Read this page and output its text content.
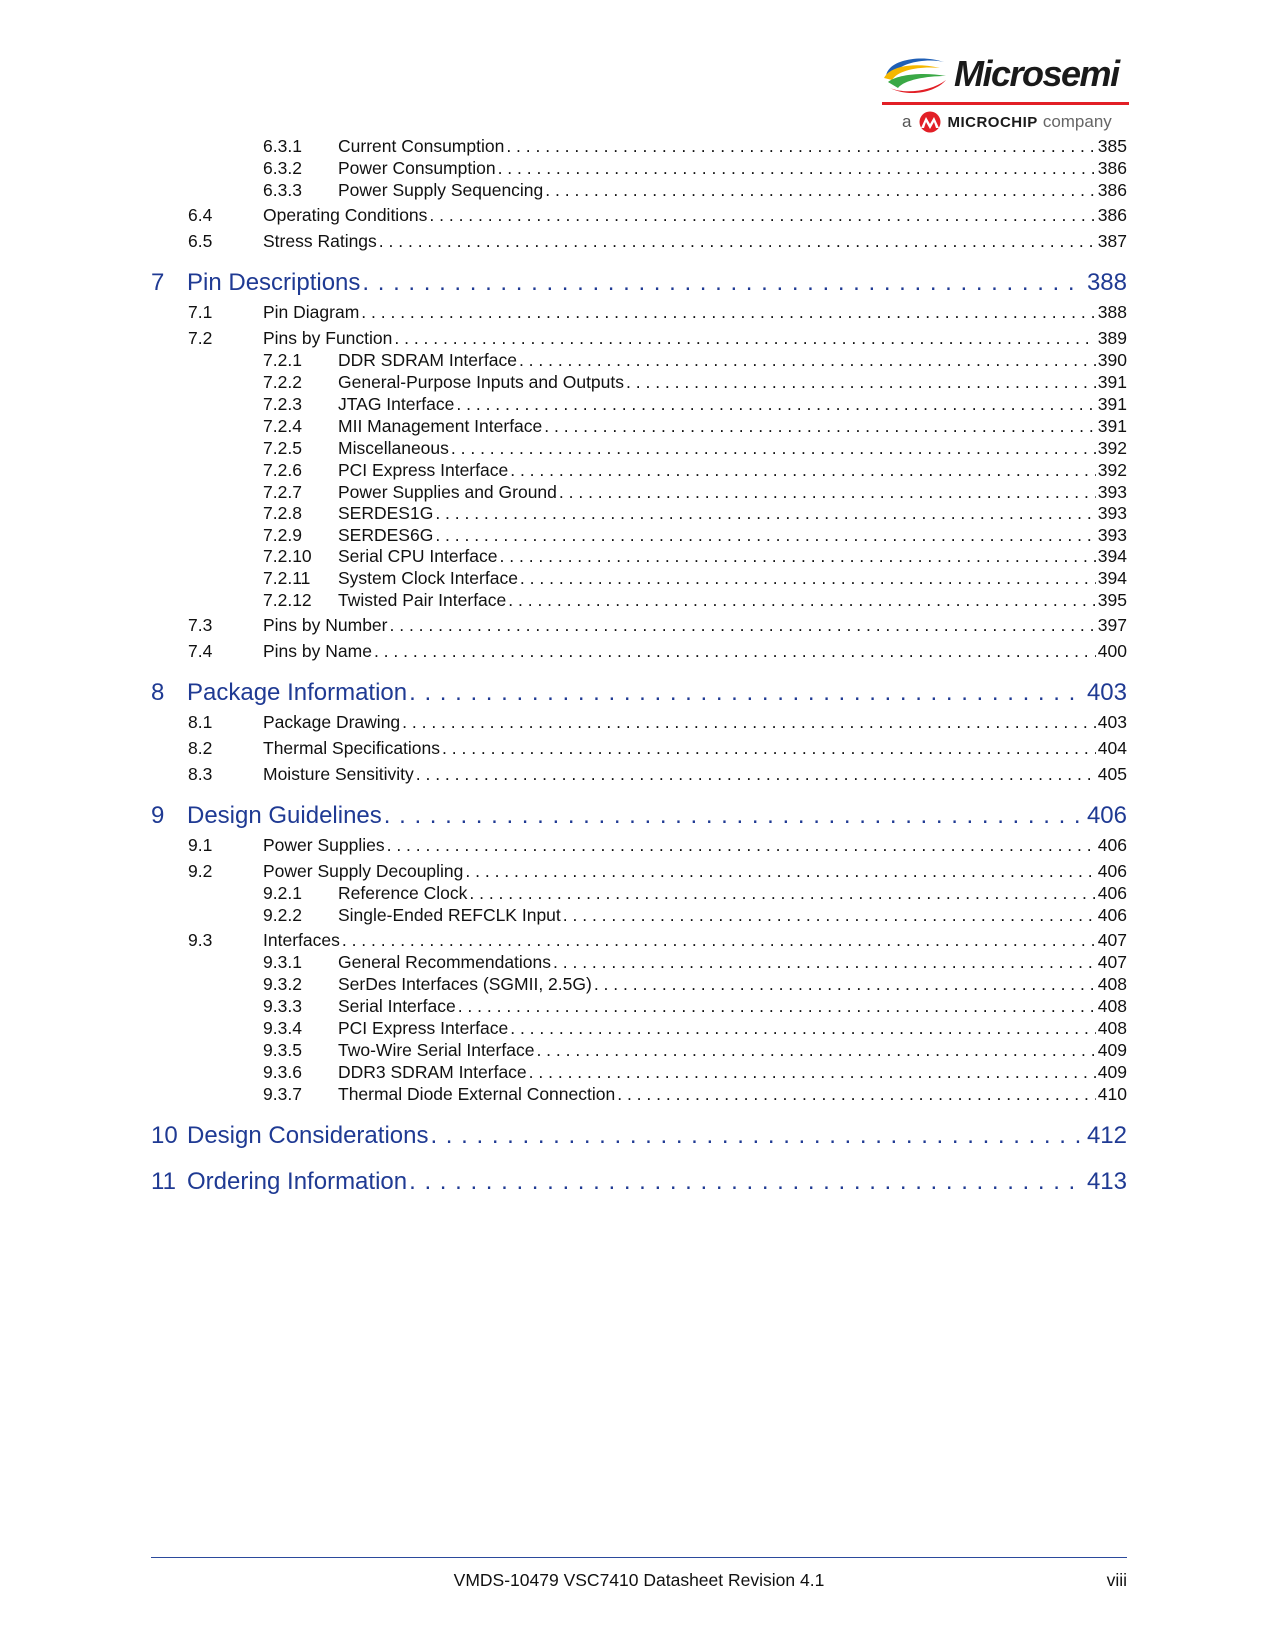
Microsemi
a MICROCHIP company
6.3.1	Current Consumption . . .	385
6.3.2	Power Consumption . . .	386
6.3.3	Power Supply Sequencing . . .	386
6.4	Operating Conditions . . .	386
6.5	Stress Ratings . . .	387
7 Pin Descriptions . . .	388
7.1	Pin Diagram . . .	388
7.2	Pins by Function . . .	389
7.2.1	DDR SDRAM Interface . . .	390
7.2.2	General-Purpose Inputs and Outputs . . .	391
7.2.3	JTAG Interface . . .	391
7.2.4	MII Management Interface . . .	391
7.2.5	Miscellaneous . . .	392
7.2.6	PCI Express Interface . . .	392
7.2.7	Power Supplies and Ground . . .	393
7.2.8	SERDES1G . . .	393
7.2.9	SERDES6G . . .	393
7.2.10	Serial CPU Interface . . .	394
7.2.11	System Clock Interface . . .	394
7.2.12	Twisted Pair Interface . . .	395
7.3	Pins by Number . . .	397
7.4	Pins by Name . . .	400
8 Package Information . . .	403
8.1	Package Drawing . . .	403
8.2	Thermal Specifications . . .	404
8.3	Moisture Sensitivity . . .	405
9 Design Guidelines . . .	406
9.1	Power Supplies . . .	406
9.2	Power Supply Decoupling . . .	406
9.2.1	Reference Clock . . .	406
9.2.2	Single-Ended REFCLK Input . . .	406
9.3	Interfaces . . .	407
9.3.1	General Recommendations . . .	407
9.3.2	SerDes Interfaces (SGMII, 2.5G) . . .	408
9.3.3	Serial Interface . . .	408
9.3.4	PCI Express Interface . . .	408
9.3.5	Two-Wire Serial Interface . . .	409
9.3.6	DDR3 SDRAM Interface . . .	409
9.3.7	Thermal Diode External Connection . . .	410
10 Design Considerations . . .	412
11 Ordering Information . . .	413
VMDS-10479 VSC7410 Datasheet Revision 4.1	viii
